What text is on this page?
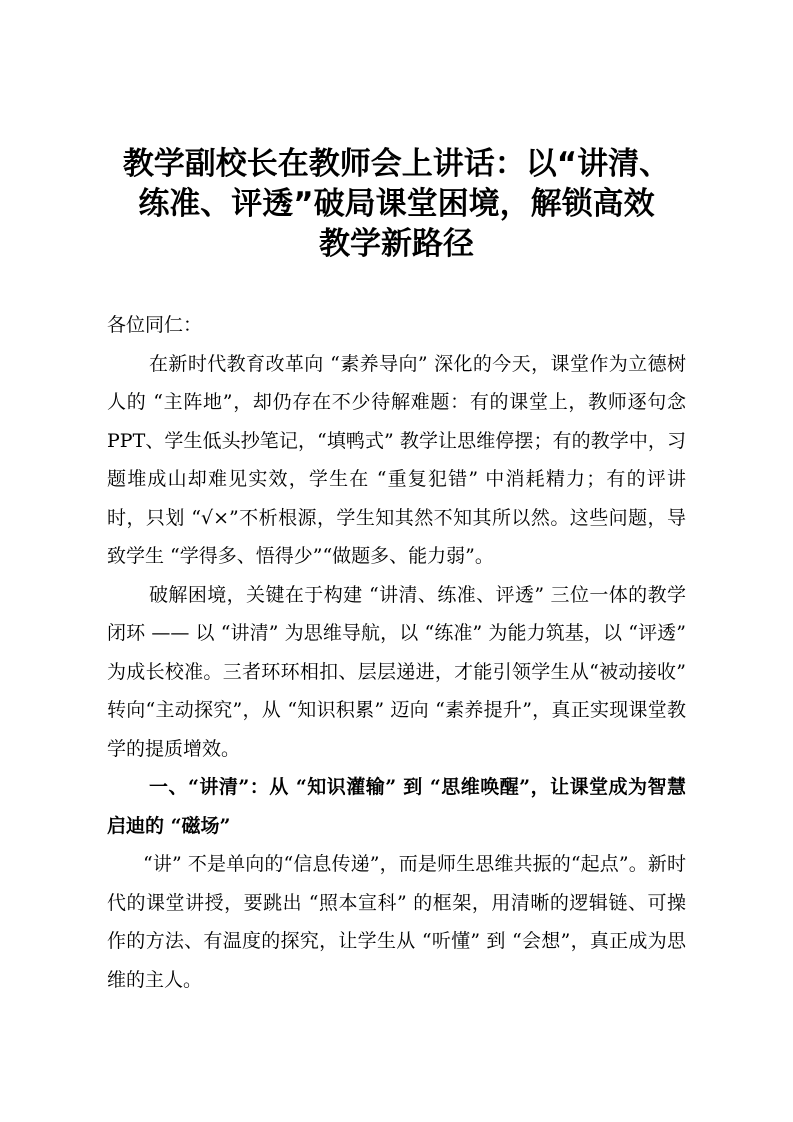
教学副校长在教师会上讲话：以“讲清、
练准、评透”破局课堂困境，解锁高效
教学新路径

各位同仁：

在新时代教育改革向 “素养导向” 深化的今天，课堂作为立德树人的 “主阵地”，却仍存在不少待解难题：有的课堂上，教师逐句念 PPT、学生低头抄笔记，“填鸭式” 教学让思维停摆；有的教学中，习题堆成山却难见实效，学生在 “重复犯错” 中消耗精力；有的评讲时，只划 “√×”不析根源，学生知其然不知其所以然。这些问题，导致学生 “学得多、悟得少”“做题多、能力弱”。

破解困境，关键在于构建 “讲清、练准、评透” 三位一体的教学闭环 —— 以 “讲清” 为思维导航，以 “练准” 为能力筑基，以 “评透” 为成长校准。三者环环相扣、层层递进，才能引领学生从“被动接收” 转向“主动探究”，从 “知识积累” 迈向 “素养提升”，真正实现课堂教学的提质增效。

一、“讲清”：从 “知识灌输” 到 “思维唤醒”，让课堂成为智慧启迪的 “磁场”

“讲” 不是单向的“信息传递”，而是师生思维共振的“起点”。新时代的课堂讲授，要跳出 “照本宣科” 的框架，用清晰的逻辑链、可操作的方法、有温度的探究，让学生从 “听懂” 到 “会想”，真正成为思维的主人。
